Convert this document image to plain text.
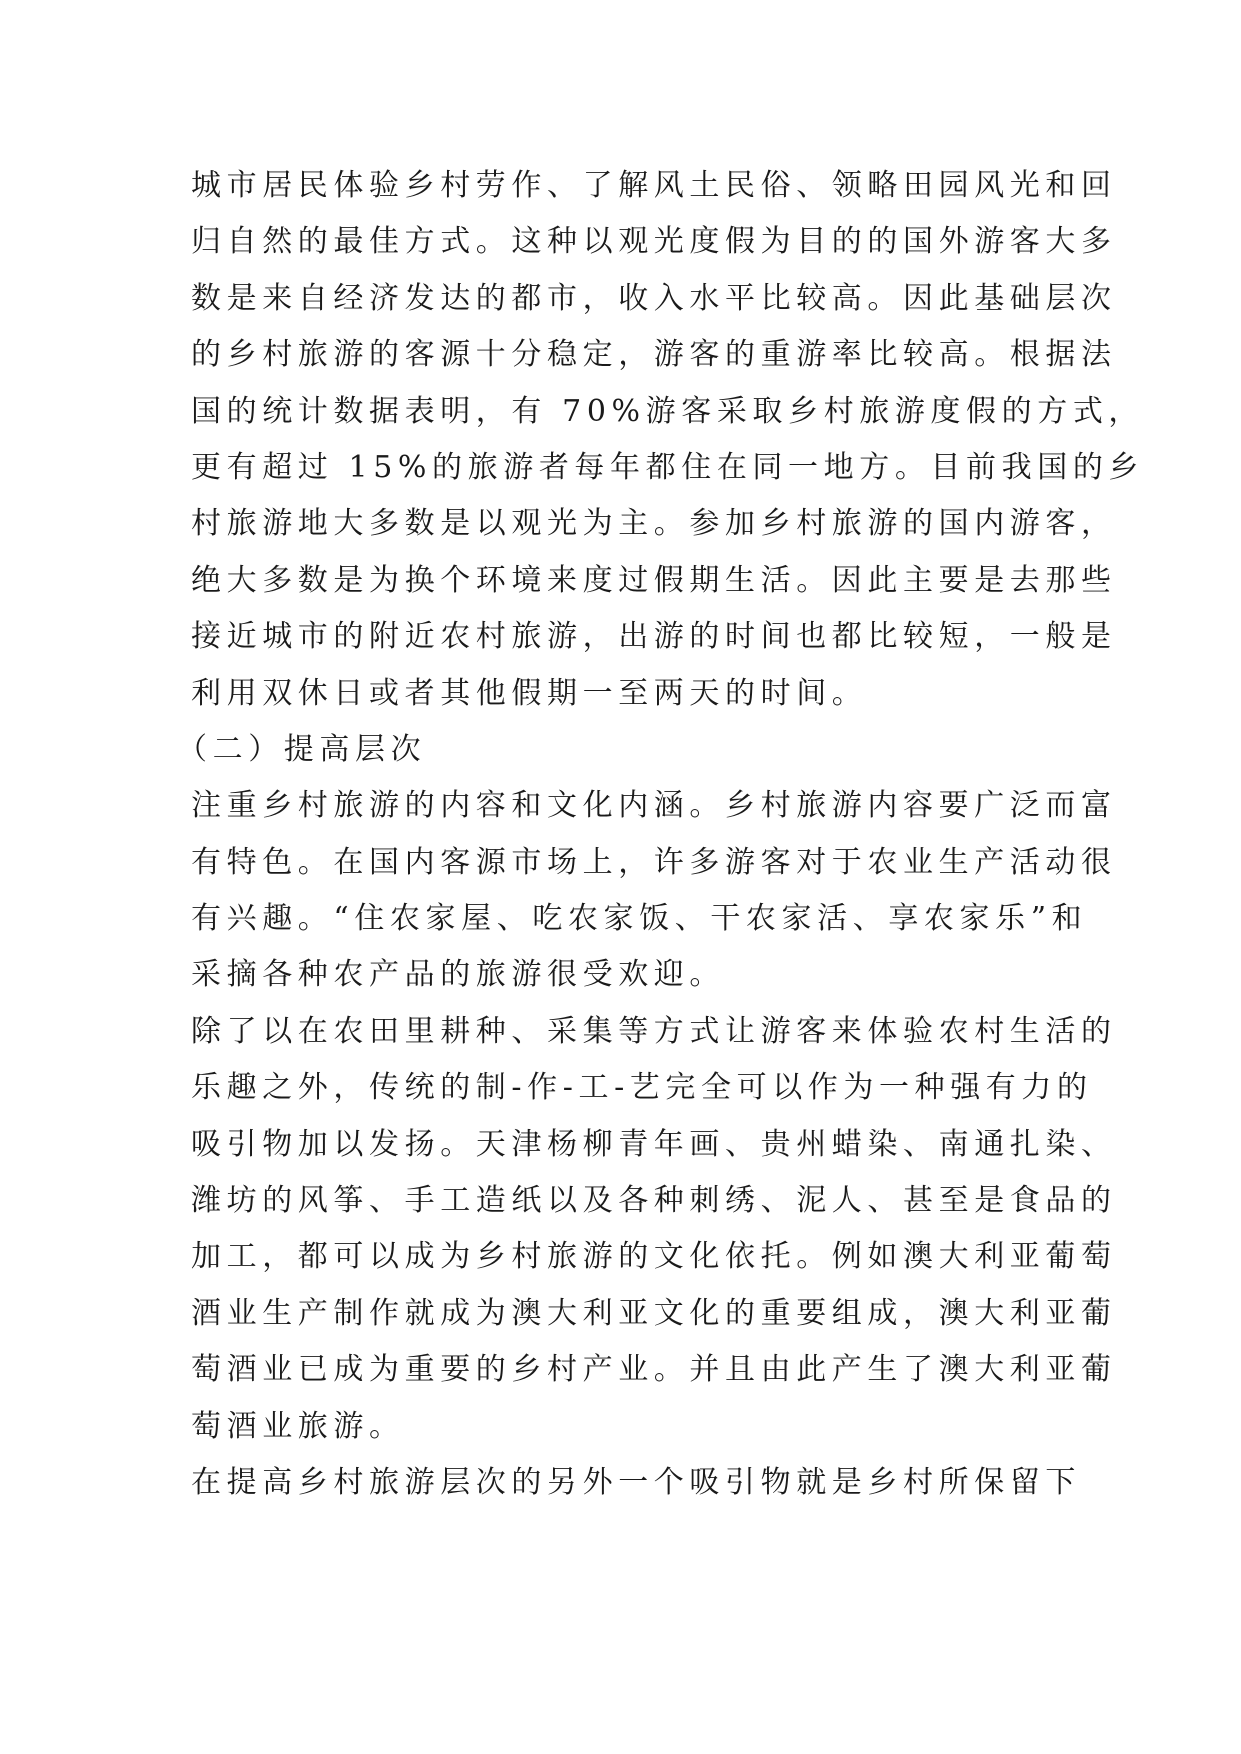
城市居民体验乡村劳作、了解风土民俗、领略田园风光和回
归自然的最佳方式。这种以观光度假为目的的国外游客大多
数是来自经济发达的都市，收入水平比较高。因此基础层次
的乡村旅游的客源十分稳定，游客的重游率比较高。根据法
国的统计数据表明，有 70%游客采取乡村旅游度假的方式，
更有超过 15%的旅游者每年都住在同一地方。目前我国的乡
村旅游地大多数是以观光为主。参加乡村旅游的国内游客，
绝大多数是为换个环境来度过假期生活。因此主要是去那些
接近城市的附近农村旅游，出游的时间也都比较短，一般是
利用双休日或者其他假期一至两天的时间。
（二）提高层次
注重乡村旅游的内容和文化内涵。乡村旅游内容要广泛而富
有特色。在国内客源市场上，许多游客对于农业生产活动很
有兴趣。“住农家屋、吃农家饭、干农家活、享农家乐”和
采摘各种农产品的旅游很受欢迎。
除了以在农田里耕种、采集等方式让游客来体验农村生活的
乐趣之外，传统的制-作-工-艺完全可以作为一种强有力的
吸引物加以发扬。天津杨柳青年画、贵州蜡染、南通扎染、
潍坊的风筝、手工造纸以及各种刺绣、泥人、甚至是食品的
加工，都可以成为乡村旅游的文化依托。例如澳大利亚葡萄
酒业生产制作就成为澳大利亚文化的重要组成，澳大利亚葡
萄酒业已成为重要的乡村产业。并且由此产生了澳大利亚葡
萄酒业旅游。
在提高乡村旅游层次的另外一个吸引物就是乡村所保留下
